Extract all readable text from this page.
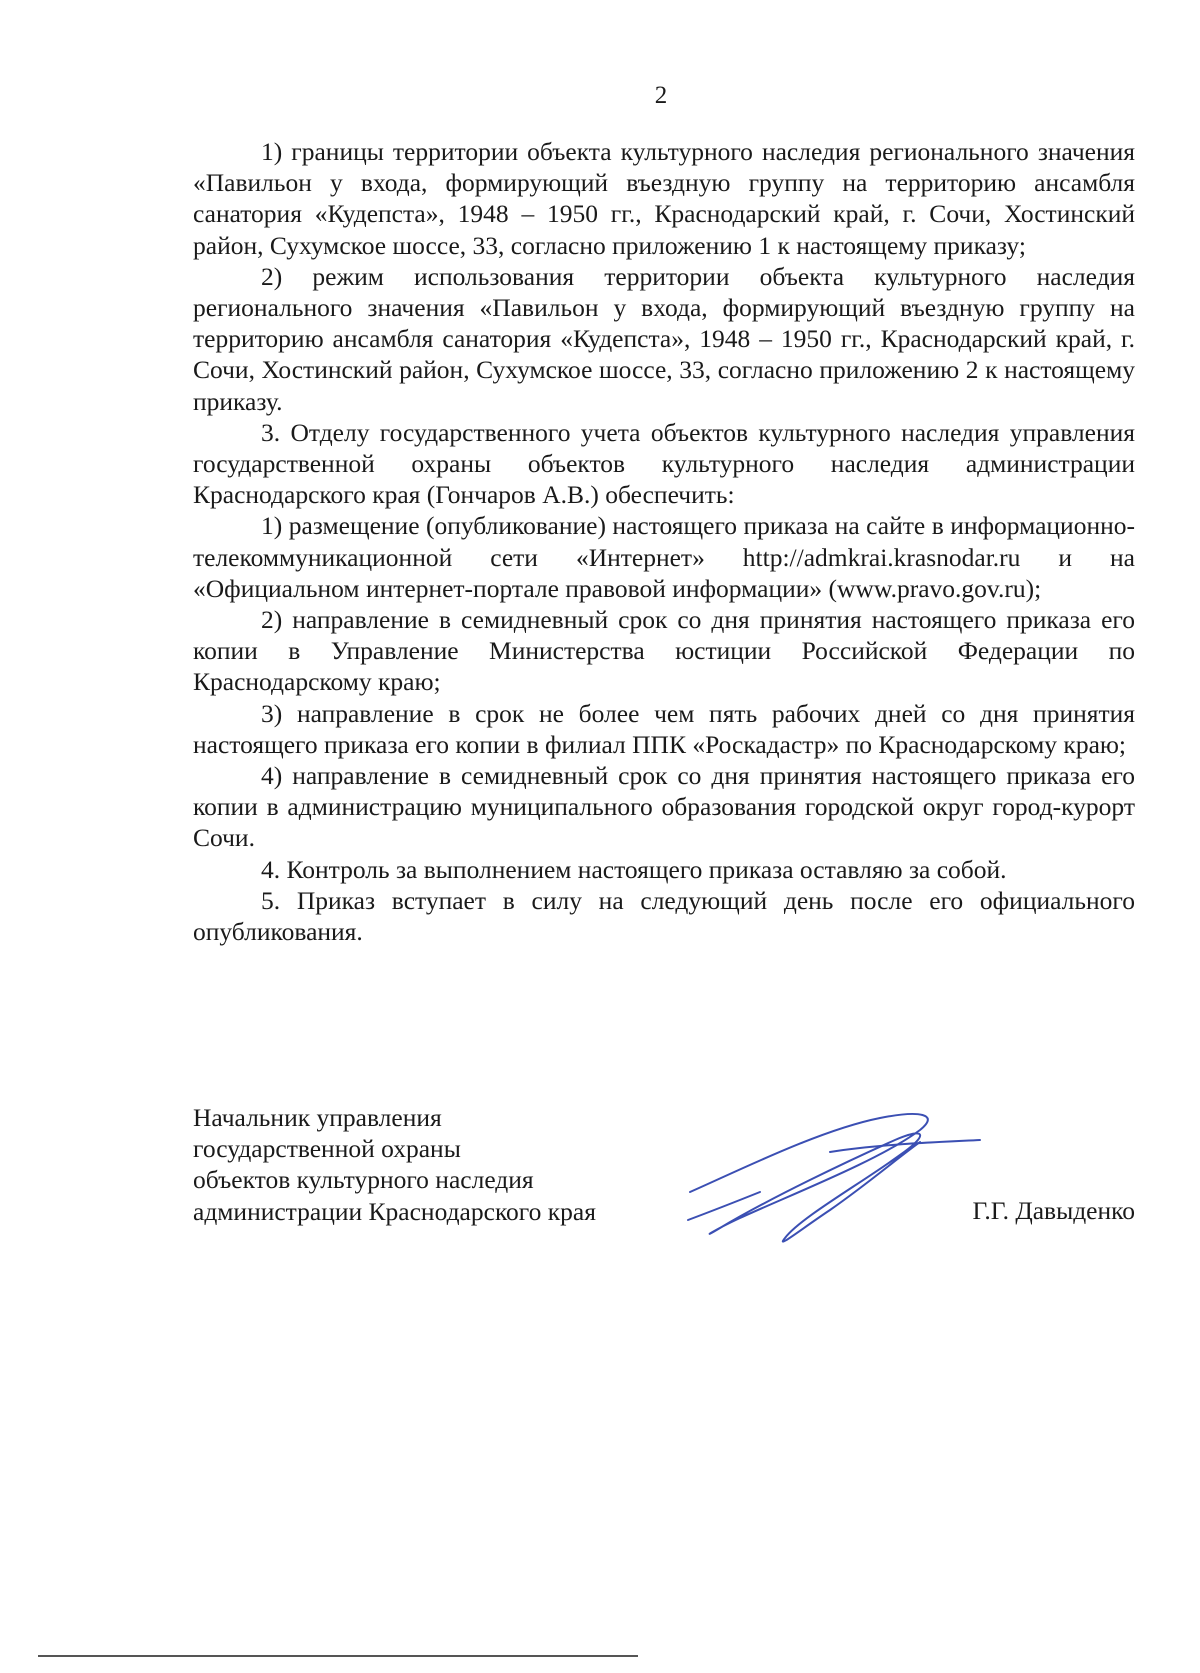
2

1) границы территории объекта культурного наследия регионального значения «Павильон у входа, формирующий въездную группу на территорию ансамбля санатория «Кудепста», 1948 – 1950 гг., Краснодарский край, г. Сочи, Хостинский район, Сухумское шоссе, 33, согласно приложению 1 к настоящему приказу;

2) режим использования территории объекта культурного наследия регионального значения «Павильон у входа, формирующий въездную группу на территорию ансамбля санатория «Кудепста», 1948 – 1950 гг., Краснодарский край, г. Сочи, Хостинский район, Сухумское шоссе, 33, согласно приложению 2 к настоящему приказу.

3. Отделу государственного учета объектов культурного наследия управления государственной охраны объектов культурного наследия администрации Краснодарского края (Гончаров А.В.) обеспечить:

1) размещение (опубликование) настоящего приказа на сайте в информационно-телекоммуникационной сети «Интернет» http://admkrai.krasnodar.ru и на «Официальном интернет-портале правовой информации» (www.pravo.gov.ru);

2) направление в семидневный срок со дня принятия настоящего приказа его копии в Управление Министерства юстиции Российской Федерации по Краснодарскому краю;

3) направление в срок не более чем пять рабочих дней со дня принятия настоящего приказа его копии в филиал ППК «Роскадастр» по Краснодарскому краю;

4) направление в семидневный срок со дня принятия настоящего приказа его копии в администрацию муниципального образования городской округ город-курорт Сочи.

4. Контроль за выполнением настоящего приказа оставляю за собой.

5. Приказ вступает в силу на следующий день после его официального опубликования.

Начальник управления
государственной охраны
объектов культурного наследия
администрации Краснодарского края	Г.Г. Давыденко
